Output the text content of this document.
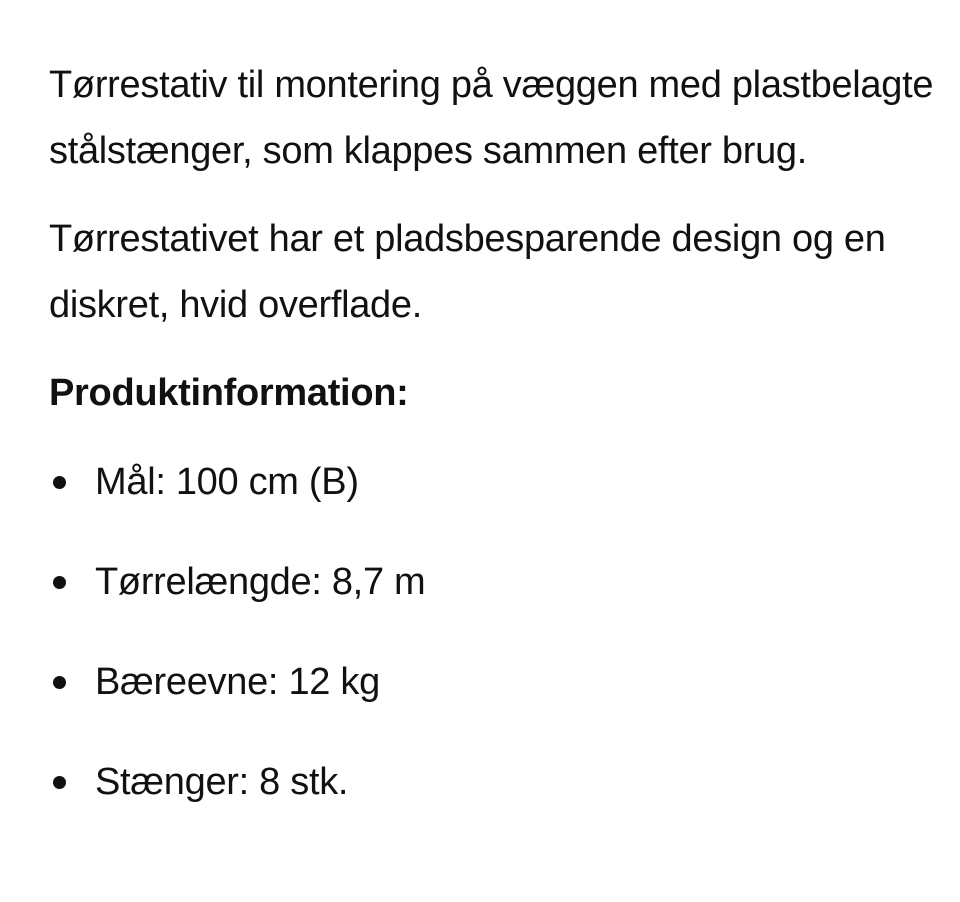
Tørrestativ til montering på væggen med plastbelagte stålstænger, som klappes sammen efter brug.

Tørrestativet har et pladsbesparende design og en diskret, hvid overflade.

Produktinformation:
Mål: 100 cm (B)
Tørrelængde: 8,7 m
Bæreevne: 12 kg
Stænger: 8 stk.
